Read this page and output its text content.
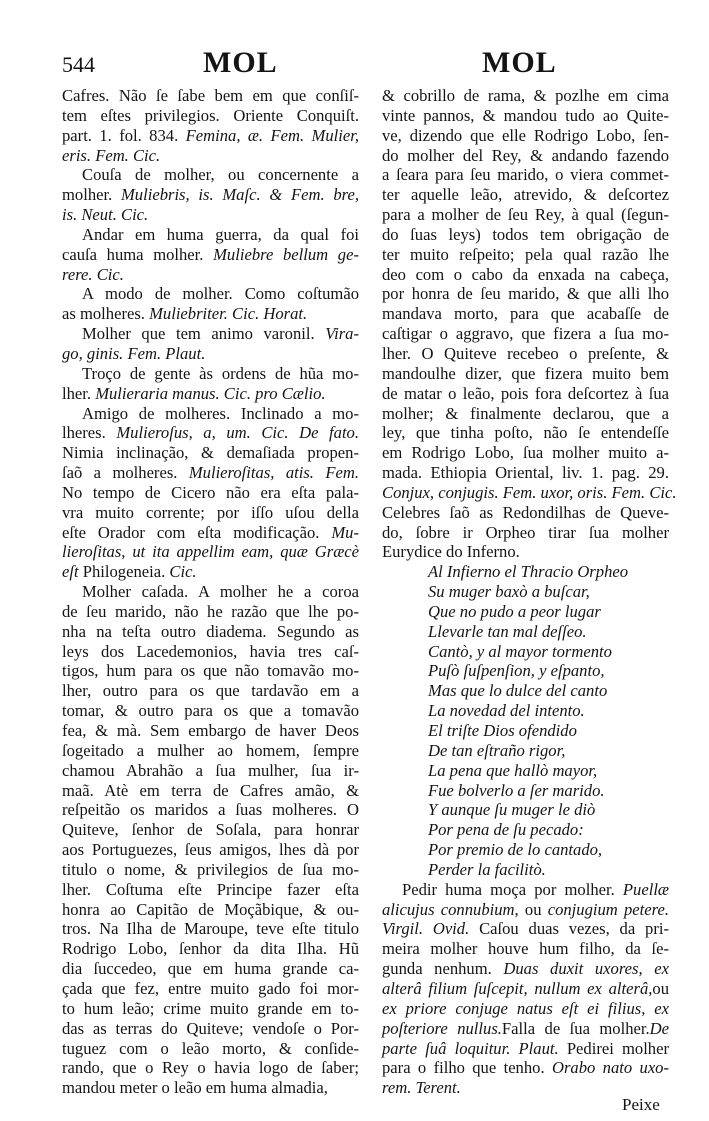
544	MOL	MOL
Cafres. Não ſe ſabe bem em que conſiſ-
tem eſtes privilegios. Oriente Conquiſt.
part. 1. fol. 834. Femina, æ. Fem. Mulier,
eris. Fem. Cic.
Couſa de molher, ou concernente a
molher. Muliebris, is. Maſc. & Fem. bre,
is. Neut. Cic.
Andar em huma guerra, da qual foi
cauſa huma molher. Muliebre bellum ge-
rere. Cic.
A modo de molher. Como coſtumão
as molheres. Muliebriter. Cic. Horat.
Molher que tem animo varonil. Vira-
go, ginis. Fem. Plaut.
Troço de gente às ordens de hũa mo-
lher. Mulieraria manus. Cic. pro Cælio.
Amigo de molheres. Inclinado a mo-
lheres. Mulieroſus, a, um. Cic. De fato.
Nimia inclinação, & demaſiada propen-
ſaõ a molheres. Mulieroſitas, atis. Fem.
No tempo de Cicero não era eſta pala-
vra muito corrente; por iſſo uſou della
eſte Orador com eſta modificação. Mu-
lieroſitas, ut ita appellim eam, quæ Græcè
eſt Philogeneia. Cic.
Molher caſada. A molher he a coroa
de ſeu marido, não he razão que lhe po-
nha na teſta outro diadema. Segundo as
leys dos Lacedemonios, havia tres caſ-
tigos, hum para os que não tomavão mo-
lher, outro para os que tardavão em a
tomar, & outro para os que a tomavão
fea, & mà. Sem embargo de haver Deos
ſogeitado a mulher ao homem, ſempre
chamou Abrahão a ſua mulher, ſua ir-
maã. Atè em terra de Cafres amão, &
reſpeitão os maridos a ſuas molheres. O
Quiteve, ſenhor de Soſala, para honrar
aos Portuguezes, ſeus amigos, lhes dà por
titulo o nome, & privilegios de ſua mo-
lher. Coſtuma eſte Principe fazer eſta
honra ao Capitão de Moçãbique, & ou-
tros. Na Ilha de Maroupe, teve eſte titulo
Rodrigo Lobo, ſenhor da dita Ilha. Hũ
dia ſuccedeo, que em huma grande ca-
çada que fez, entre muito gado foi mor-
to hum leão; crime muito grande em to-
das as terras do Quiteve; vendoſe o Por-
tuguez com o leão morto, & conſide-
rando, que o Rey o havia logo de ſaber;
mandou meter o leão em huma almadia,
& cobrillo de rama, & pozlhe em cima
vinte pannos, & mandou tudo ao Quite-
ve, dizendo que elle Rodrigo Lobo, ſen-
do molher del Rey, & andando fazendo
a ſeara para ſeu marido, o viera commet-
ter aquelle leão, atrevido, & deſcortez
para a molher de ſeu Rey, à qual (ſegun-
do ſuas leys) todos tem obrigação de
ter muito reſpeito; pela qual razão lhe
deo com o cabo da enxada na cabeça,
por honra de ſeu marido, & que alli lho
mandava morto, para que acabaſſe de
caſtigar o aggravo, que fizera a ſua mo-
lher. O Quiteve recebeo o preſente, &
mandoulhe dizer, que fizera muito bem
de matar o leão, pois fora deſcortez à ſua
molher; & finalmente declarou, que a
ley, que tinha poſto, não ſe entendeſſe
em Rodrigo Lobo, ſua molher muito a-
mada. Ethiopia Oriental, liv. 1. pag. 29.
Conjux, conjugis. Fem. uxor, oris. Fem. Cic.
Celebres ſaõ as Redondilhas de Queve-
do, ſobre ir Orpheo tirar ſua molher
Eurydice do Inferno.
Al Infierno el Thracio Orpheo
Su muger baxò a buſcar,
Que no pudo a peor lugar
Llevarle tan mal deſſeo.
Cantò, y al mayor tormento
Puſò ſuſpenſion, y eſpanto,
Mas que lo dulce del canto
La novedad del intento.
El triſte Dios ofendido
De tan eſtraño rigor,
La pena que hallò mayor,
Fue bolverlo a ſer marido.
Y aunque ſu muger le diò
Por pena de ſu pecado:
Por premio de lo cantado,
Perder la facilitò.
Pedir huma moça por molher. Puellæ
alicujus connubium, ou conjugium petere.
Virgil. Ovid. Caſou duas vezes, da pri-
meira molher houve hum filho, da ſe-
gunda nenhum. Duas duxit uxores, ex
alterâ filium ſuſcepit, nullum ex alterâ,ou
ex priore conjuge natus eſt ei filius, ex
poſteriore nullus.Falla de ſua molher.De
parte ſuâ loquitur. Plaut. Pedirei molher
para o filho que tenho. Orabo nato uxo-
rem. Terent.
Peixe
